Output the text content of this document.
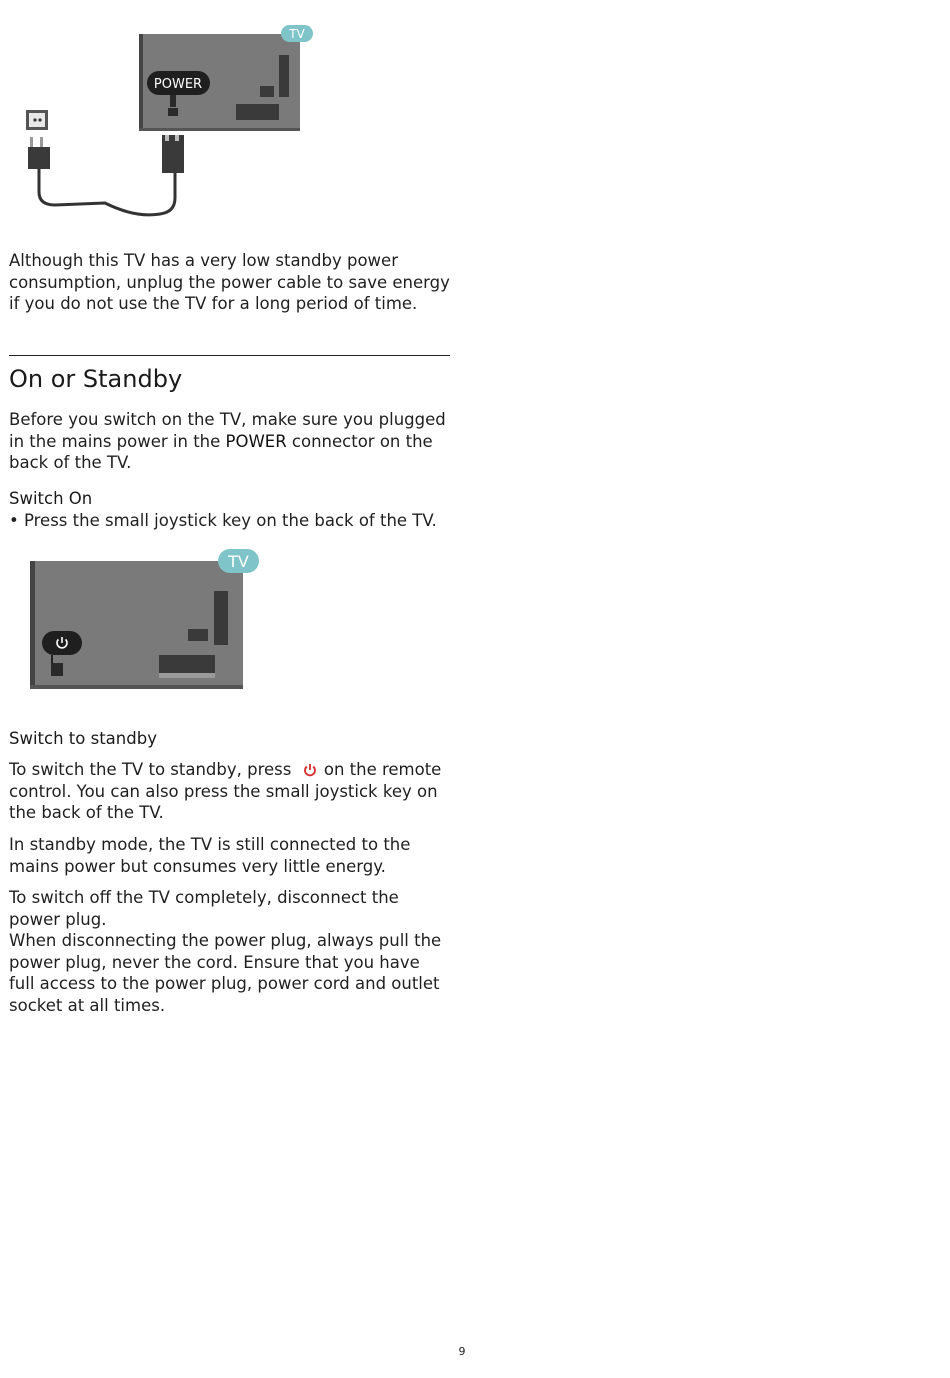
TV
POWER

Although this TV has a very low standby power consumption, unplug the power cable to save energy if you do not use the TV for a long period of time.

On or Standby

Before you switch on the TV, make sure you plugged in the mains power in the POWER connector on the back of the TV.

Switch On

• Press the small joystick key on the back of the TV.

TV

Switch to standby

To switch the TV to standby, press  on the remote control. You can also press the small joystick key on the back of the TV.

In standby mode, the TV is still connected to the mains power but consumes very little energy.

To switch off the TV completely, disconnect the power plug.

When disconnecting the power plug, always pull the power plug, never the cord. Ensure that you have full access to the power plug, power cord and outlet socket at all times.

9
